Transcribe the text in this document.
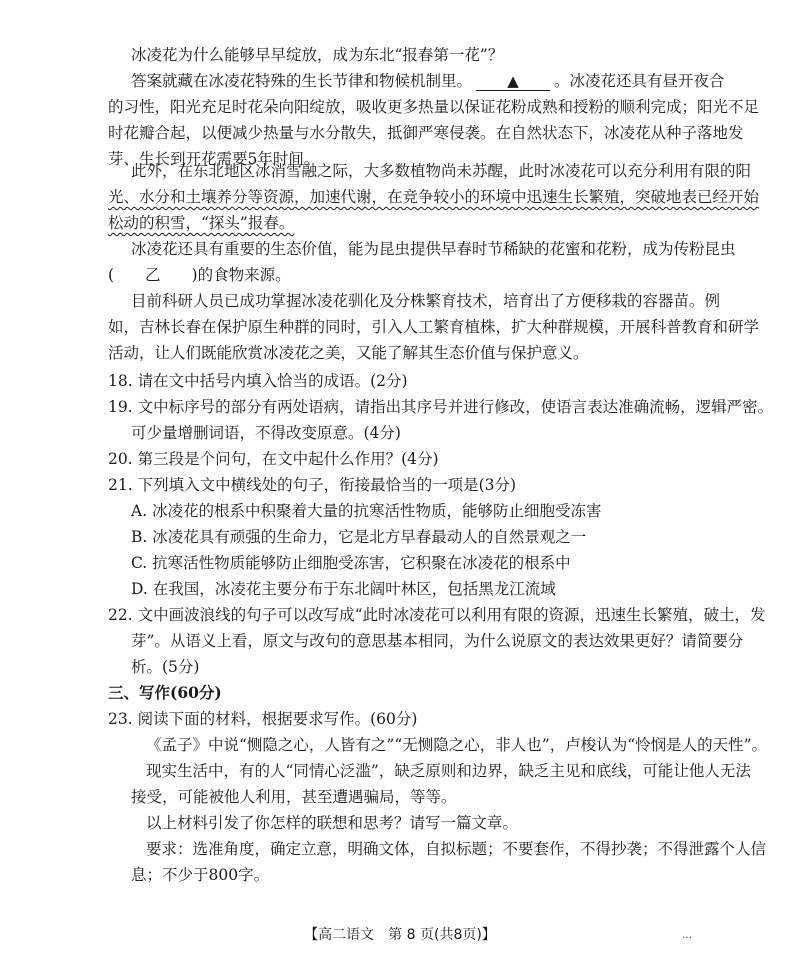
冰凌花为什么能够早早绽放，成为东北“报春第一花”？
答案就藏在冰凌花特殊的生长节律和物候机制里。 ▲ 。冰凌花还具有昼开夜合
的习性，阳光充足时花朵向阳绽放，吸收更多热量以保证花粉成熟和授粉的顺利完成；阳光不足
时花瓣合起，以便减少热量与水分散失，抵御严寒侵袭。在自然状态下，冰凌花从种子落地发
芽、生长到开花需要5年时间。
此外，在东北地区冰消雪融之际，大多数植物尚未苏醒，此时冰凌花可以充分利用有限的阳
光、水分和土壤养分等资源，加速代谢，在竞争较小的环境中迅速生长繁殖，突破地表已经开始
松动的积雪，“探头”报春。
冰凌花还具有重要的生态价值，能为昆虫提供早春时节稀缺的花蜜和花粉，成为传粉昆虫
(　　乙　　)的食物来源。
目前科研人员已成功掌握冰凌花驯化及分株繁育技术，培育出了方便移栽的容器苗。例
如，吉林长春在保护原生种群的同时，引入人工繁育植株，扩大种群规模，开展科普教育和研学
活动，让人们既能欣赏冰凌花之美，又能了解其生态价值与保护意义。
18. 请在文中括号内填入恰当的成语。(2分)
19. 文中标序号的部分有两处语病，请指出其序号并进行修改，使语言表达准确流畅，逻辑严密。
可少量增删词语，不得改变原意。(4分)
20. 第三段是个问句，在文中起什么作用？(4分)
21. 下列填入文中横线处的句子，衔接最恰当的一项是(3分)
A. 冰凌花的根系中积聚着大量的抗寒活性物质，能够防止细胞受冻害
B. 冰凌花具有顽强的生命力，它是北方早春最动人的自然景观之一
C. 抗寒活性物质能够防止细胞受冻害，它积聚在冰凌花的根系中
D. 在我国，冰凌花主要分布于东北阔叶林区，包括黑龙江流域
22. 文中画波浪线的句子可以改写成“此时冰凌花可以利用有限的资源，迅速生长繁殖，破土，发
芽”。从语义上看，原文与改句的意思基本相同，为什么说原文的表达效果更好？请简要分
析。(5分)
三、写作(60分)
23. 阅读下面的材料，根据要求写作。(60分)
《孟子》中说“恻隐之心，人皆有之”“无恻隐之心，非人也”，卢梭认为“怜悯是人的天性”。
现实生活中，有的人“同情心泛滥”，缺乏原则和边界，缺乏主见和底线，可能让他人无法
接受，可能被他人利用，甚至遭遇骗局，等等。
以上材料引发了你怎样的联想和思考？请写一篇文章。
要求：选准角度，确定立意，明确文体，自拟标题；不要套作，不得抄袭；不得泄露个人信
息；不少于800字。
【高二语文　第 8 页(共8页)】	…
